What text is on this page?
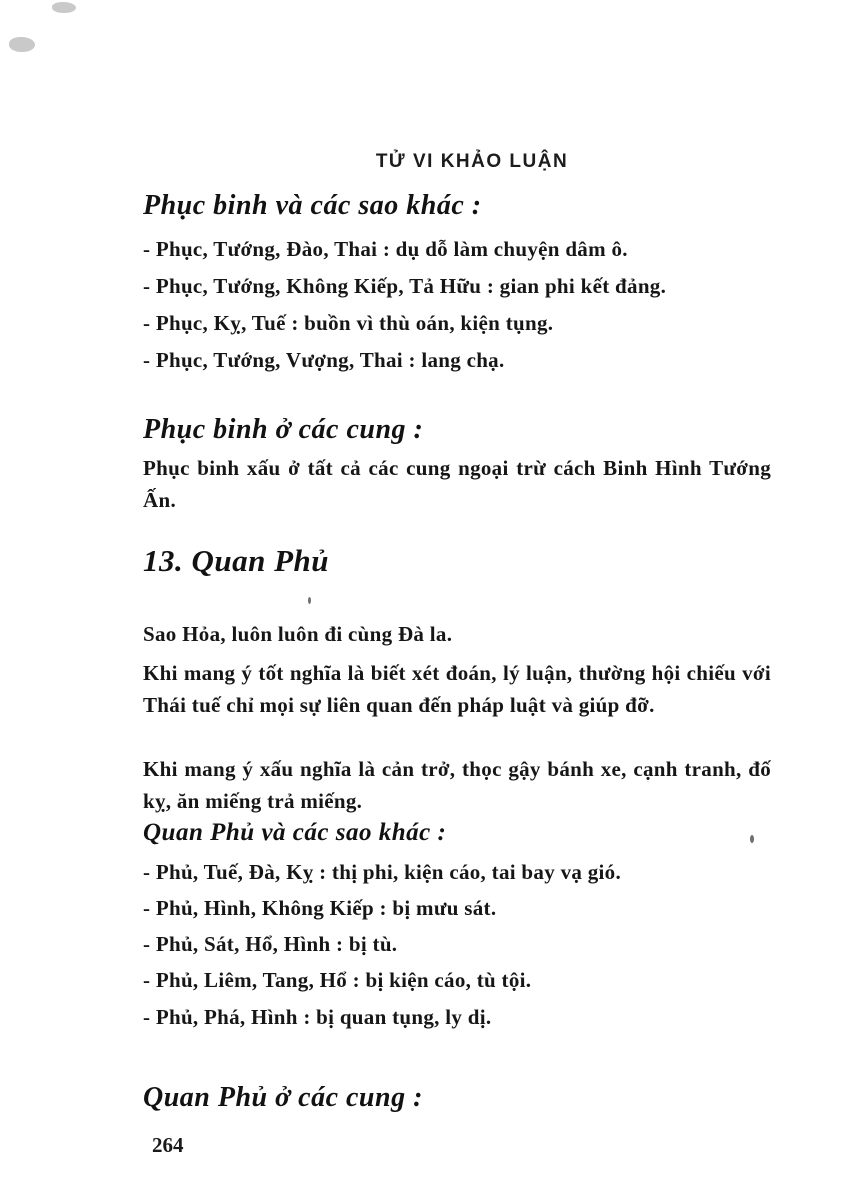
TỬ VI KHẢO LUẬN
Phục binh và các sao khác :
- Phục, Tướng, Đào, Thai : dụ dỗ làm chuyện dâm ô.
- Phục, Tướng, Không Kiếp, Tả Hữu : gian phi kết đảng.
- Phục, Kỵ, Tuế : buồn vì thù oán, kiện tụng.
- Phục, Tướng, Vượng, Thai : lang chạ.
Phục binh ở các cung :
Phục binh xấu ở tất cả các cung ngoại trừ cách Binh Hình Tướng Ấn.
13. Quan Phủ
Sao Hỏa, luôn luôn đi cùng Đà la.
Khi mang ý tốt nghĩa là biết xét đoán, lý luận, thường hội chiếu với Thái tuế chỉ mọi sự liên quan đến pháp luật và giúp đỡ.
Khi mang ý xấu nghĩa là cản trở, thọc gậy bánh xe, cạnh tranh, đố kỵ, ăn miếng trả miếng.
Quan Phủ và các sao khác :
- Phủ, Tuế, Đà, Kỵ : thị phi, kiện cáo, tai bay vạ gió.
- Phủ, Hình, Không Kiếp : bị mưu sát.
- Phủ, Sát, Hổ, Hình : bị tù.
- Phủ, Liêm, Tang, Hổ : bị kiện cáo, tù tội.
- Phủ, Phá, Hình : bị quan tụng, ly dị.
Quan Phủ ở các cung :
264
